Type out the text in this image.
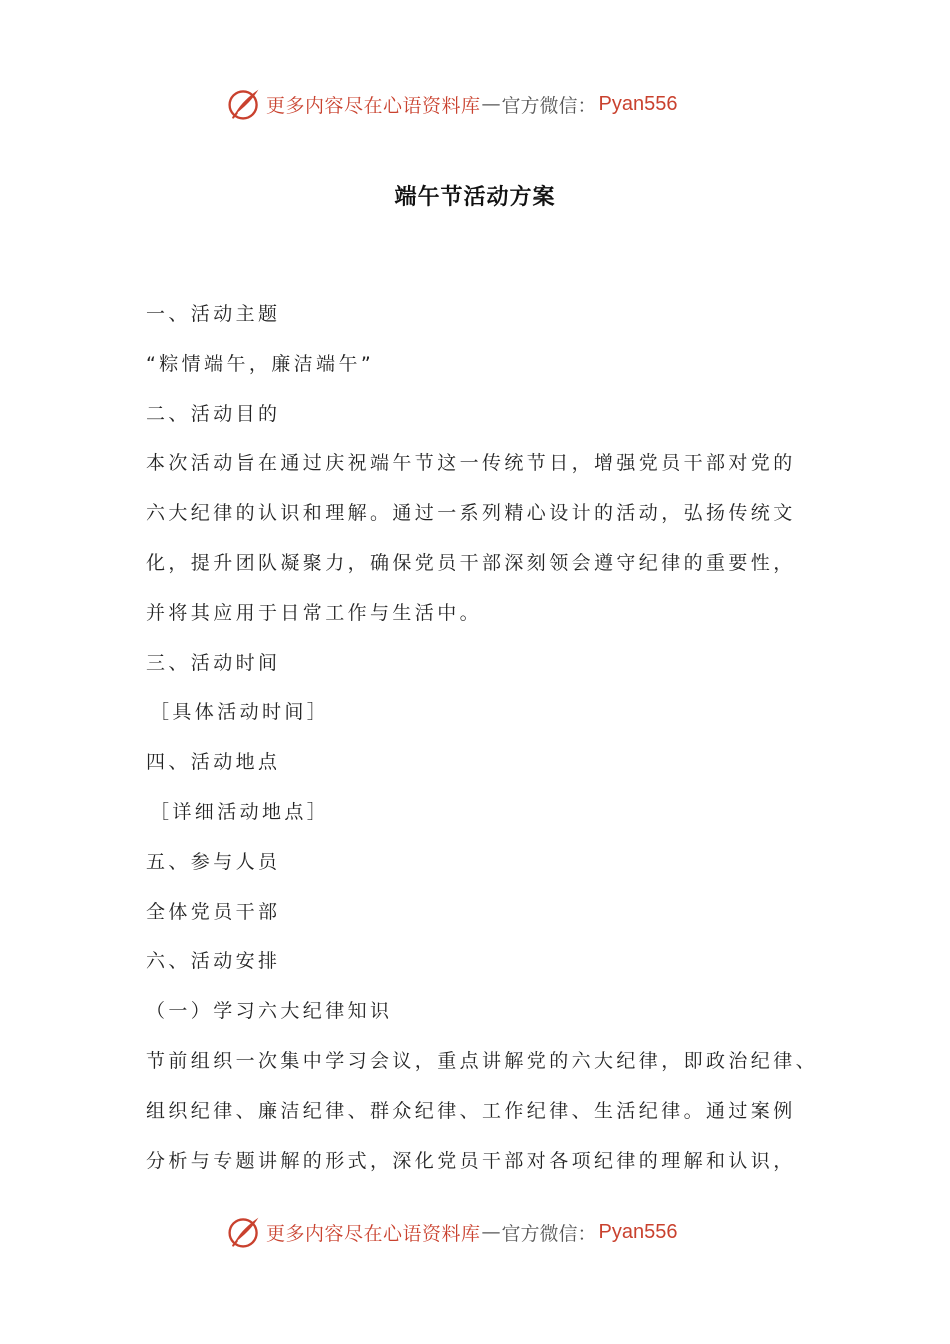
更多内容尽在心语资料库 — 官方微信： Pyan556
端午节活动方案

一、活动主题

“粽情端午，廉洁端午”

二、活动目的

本次活动旨在通过庆祝端午节这一传统节日，增强党员干部对党的

六大纪律的认识和理解。通过一系列精心设计的活动，弘扬传统文

化，提升团队凝聚力，确保党员干部深刻领会遵守纪律的重要性，

并将其应用于日常工作与生活中。

三、活动时间

［具体活动时间］

四、活动地点

［详细活动地点］

五、参与人员

全体党员干部

六、活动安排

（一）学习六大纪律知识

节前组织一次集中学习会议，重点讲解党的六大纪律，即政治纪律、

组织纪律、廉洁纪律、群众纪律、工作纪律、生活纪律。通过案例

分析与专题讲解的形式，深化党员干部对各项纪律的理解和认识，

更多内容尽在心语资料库 — 官方微信： Pyan556
